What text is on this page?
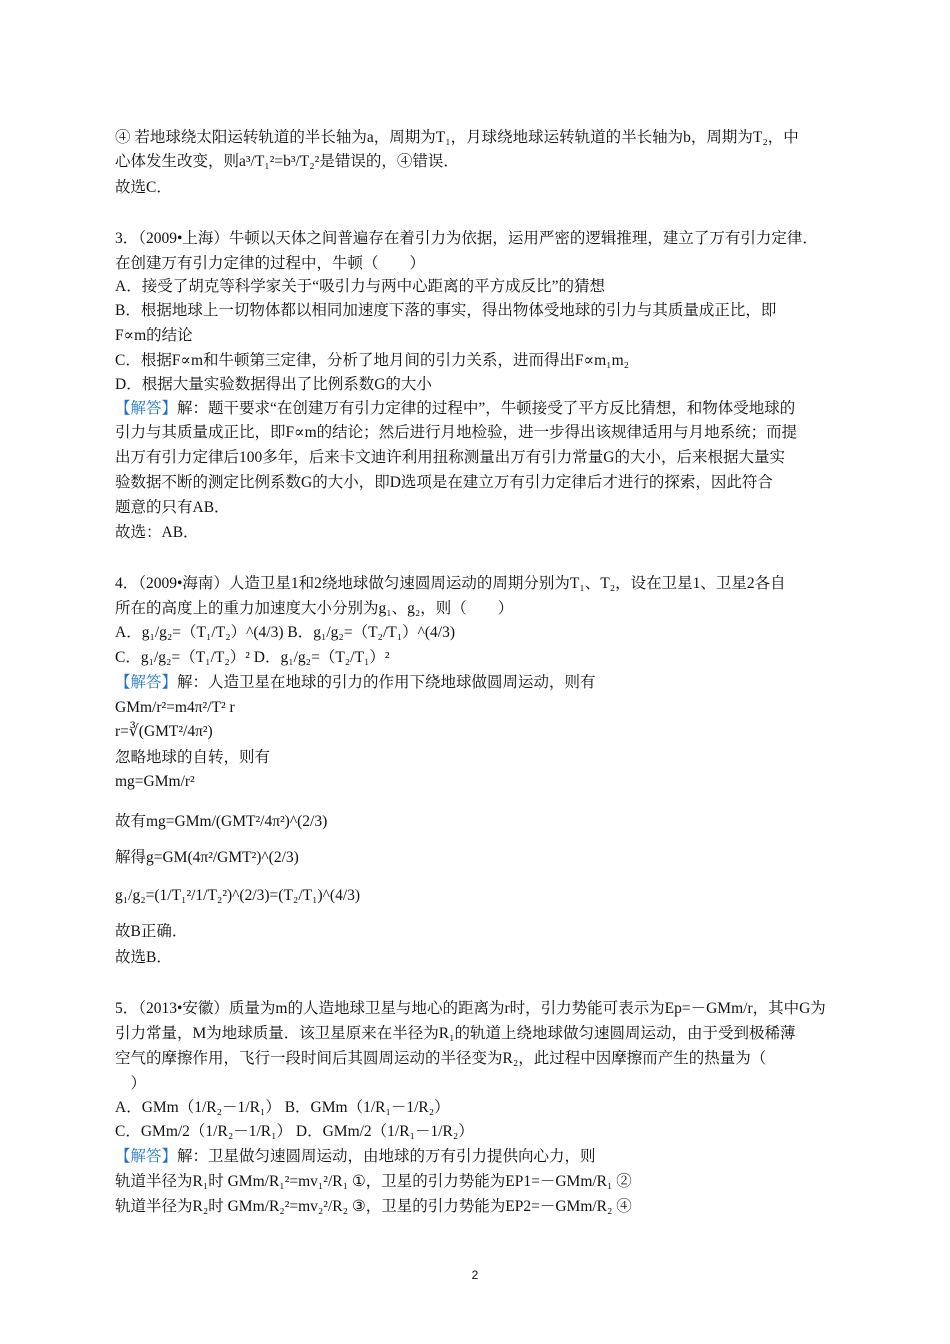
④ 若地球绕太阳运转轨道的半长轴为a，周期为T₁，月球绕地球运转轨道的半长轴为b，周期为T₂，中
心体发生改变，则a³/T₁²=b³/T₂²是错误的，④错误．
故选C．
3．（2009•上海）牛顿以天体之间普遍存在着引力为依据，运用严密的逻辑推理，建立了万有引力定律．
在创建万有引力定律的过程中，牛顿（　　）
A．接受了胡克等科学家关于“吸引力与两中心距离的平方成反比”的猜想
B．根据地球上一切物体都以相同加速度下落的事实，得出物体受地球的引力与其质量成正比，即
F∝m的结论
C．根据F∝m和牛顿第三定律，分析了地月间的引力关系，进而得出F∝m₁m₂
D．根据大量实验数据得出了比例系数G的大小
【解答】解：题干要求“在创建万有引力定律的过程中”，牛顿接受了平方反比猜想，和物体受地球的
引力与其质量成正比，即F∝m的结论；然后进行月地检验，进一步得出该规律适用与月地系统；而提
出万有引力定律后100多年，后来卡文迪许利用扭称测量出万有引力常量G的大小，后来根据大量实
验数据不断的测定比例系数G的大小，即D选项是在建立万有引力定律后才进行的探索，因此符合
题意的只有AB．
故选：AB．
4．（2009•海南）人造卫星1和2绕地球做匀速圆周运动的周期分别为T₁、T₂，设在卫星1、卫星2各自
所在的高度上的重力加速度大小分别为g₁、g₂，则（　　）
A．g₁/g₂=（T₁/T₂）^(4/3) B．g₁/g₂=（T₂/T₁）^(4/3)
C．g₁/g₂=（T₁/T₂）² D．g₁/g₂=（T₂/T₁）²
【解答】解：人造卫星在地球的引力的作用下绕地球做圆周运动，则有
GMm/r²=m4π²/T² r
r=∛(GMT²/4π²)
忽略地球的自转，则有
mg=GMm/r²
故有mg=GMm/(GMT²/4π²)^(2/3)
解得g=GM(4π²/GMT²)^(2/3)
g₁/g₂=(1/T₁²/1/T₂²)^(2/3)=(T₂/T₁)^(4/3)
故B正确．
故选B．
5．（2013•安徽）质量为m的人造地球卫星与地心的距离为r时，引力势能可表示为Ep=－GMm/r，其中G为
引力常量，M为地球质量．该卫星原来在半径为R₁的轨道上绕地球做匀速圆周运动，由于受到极稀薄
空气的摩擦作用，飞行一段时间后其圆周运动的半径变为R₂，此过程中因摩擦而产生的热量为（
　）
A．GMm（1/R₂－1/R₁） B．GMm（1/R₁－1/R₂）
C．GMm/2（1/R₂－1/R₁） D．GMm/2（1/R₁－1/R₂）
【解答】解：卫星做匀速圆周运动，由地球的万有引力提供向心力，则
轨道半径为R₁时 GMm/R₁²=mv₁²/R₁ ①，卫星的引力势能为EP1=－GMm/R₁ ②
轨道半径为R₂时 GMm/R₂²=mv₂²/R₂ ③，卫星的引力势能为EP2=－GMm/R₂ ④
2
